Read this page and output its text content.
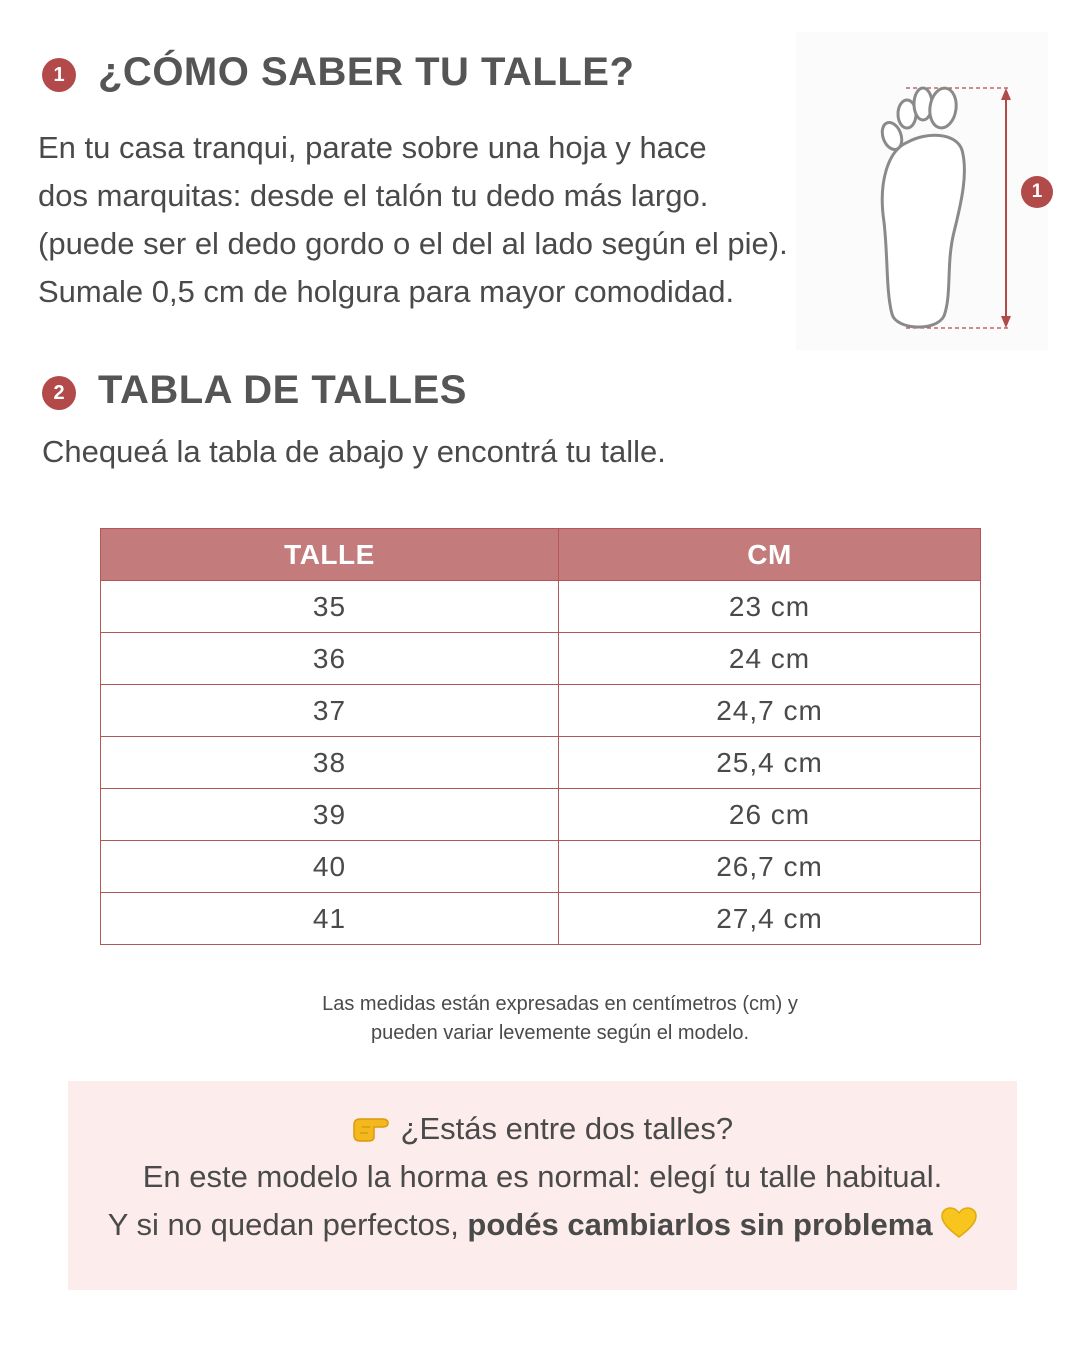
1 ¿CÓMO SABER TU TALLE?
En tu casa tranqui, parate sobre una hoja y hace
dos marquitas: desde el talón tu dedo más largo.
(puede ser el dedo gordo o el del al lado según el pie).
Sumale 0,5 cm de holgura para mayor comodidad.
1
2 TABLA DE TALLES
Chequeá la tabla de abajo y encontrá tu talle.
TALLE	CM
35	23 cm
36	24 cm
37	24,7 cm
38	25,4 cm
39	26 cm
40	26,7 cm
41	27,4 cm
Las medidas están expresadas en centímetros (cm) y
pueden variar levemente según el modelo.
¿Estás entre dos talles?
En este modelo la horma es normal: elegí tu talle habitual.
Y si no quedan perfectos, podés cambiarlos sin problema
